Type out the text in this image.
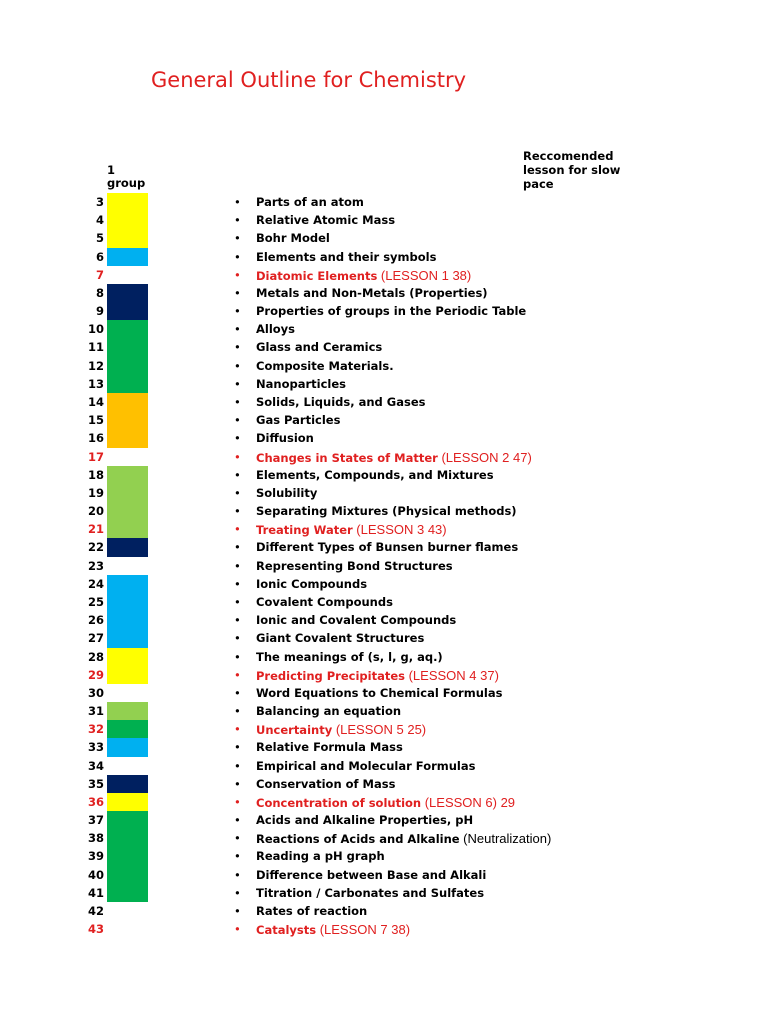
General Outline for Chemistry
1
group
Reccomended lesson for slow pace
3	• Parts of an atom
4	• Relative Atomic Mass
5	• Bohr Model
6	• Elements and their symbols
7	• Diatomic Elements (LESSON 1 38)
8	• Metals and Non-Metals (Properties)
9	• Properties of groups in the Periodic Table
10	• Alloys
11	• Glass and Ceramics
12	• Composite Materials.
13	• Nanoparticles
14	• Solids, Liquids, and Gases
15	• Gas Particles
16	• Diffusion
17	• Changes in States of Matter (LESSON 2 47)
18	• Elements, Compounds, and Mixtures
19	• Solubility
20	• Separating Mixtures (Physical methods)
21	• Treating Water (LESSON 3 43)
22	• Different Types of Bunsen burner flames
23	• Representing Bond Structures
24	• Ionic Compounds
25	• Covalent Compounds
26	• Ionic and Covalent Compounds
27	• Giant Covalent Structures
28	• The meanings of (s, l, g, aq.)
29	• Predicting Precipitates (LESSON 4 37)
30	• Word Equations to Chemical Formulas
31	• Balancing an equation
32	• Uncertainty (LESSON 5 25)
33	• Relative Formula Mass
34	• Empirical and Molecular Formulas
35	• Conservation of Mass
36	• Concentration of solution (LESSON 6) 29
37	• Acids and Alkaline Properties, pH
38	• Reactions of Acids and Alkaline (Neutralization)
39	• Reading a pH graph
40	• Difference between Base and Alkali
41	• Titration / Carbonates and Sulfates
42	• Rates of reaction
43	• Catalysts (LESSON 7 38)
